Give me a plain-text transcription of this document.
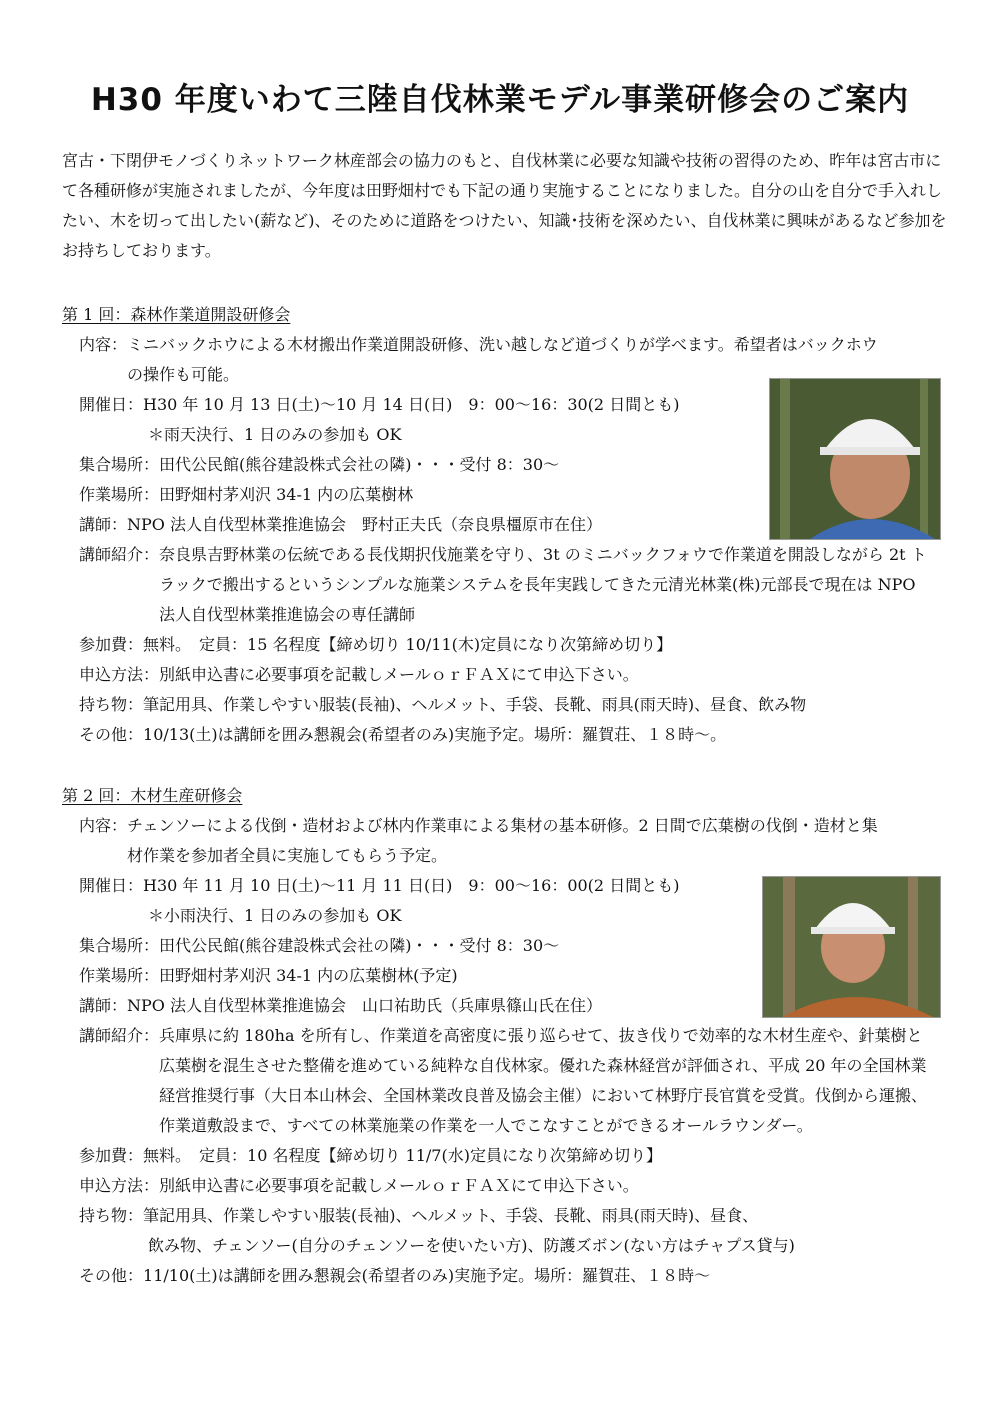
H30 年度いわて三陸自伐林業モデル事業研修会のご案内

宮古・下閉伊モノづくりネットワーク林産部会の協力のもと、自伐林業に必要な知識や技術の習得のため、昨年は宮古市にて各種研修が実施されましたが、今年度は田野畑村でも下記の通り実施することになりました。自分の山を自分で手入れしたい、木を切って出したい(薪など)、そのために道路をつけたい、知識･技術を深めたい、自伐林業に興味があるなど参加をお持ちしております。

第 1 回：森林作業道開設研修会

内容： ミニバックホウによる木材搬出作業道開設研修、洗い越しなど道づくりが学べます。希望者はバックホウの操作も可能。
開催日： H30 年 10 月 13 日(土)～10 月 14 日(日)　9：00～16：30(2 日間とも)
＊雨天決行、1 日のみの参加も OK
集合場所： 田代公民館(熊谷建設株式会社の隣)・・・受付 8：30～
作業場所： 田野畑村茅刈沢 34-1 内の広葉樹林
講師： NPO 法人自伐型林業推進協会　野村正夫氏（奈良県橿原市在住）
講師紹介： 奈良県吉野林業の伝統である長伐期択伐施業を守り、3t のミニバックフォウで作業道を開設しながら 2t トラックで搬出するというシンプルな施業システムを長年実践してきた元清光林業(株)元部長で現在は NPO 法人自伐型林業推進協会の専任講師
参加費： 無料。　定員：15 名程度【締め切り 10/11(木)定員になり次第締め切り】
申込方法： 別紙申込書に必要事項を記載しメールｏｒＦＡＸにて申込下さい。
持ち物： 筆記用具、作業しやすい服装(長袖)、ヘルメット、手袋、長靴、雨具(雨天時)、昼食、飲み物
その他： 10/13(土)は講師を囲み懇親会(希望者のみ)実施予定。場所：羅賀荘、１８時～。

第 2 回：木材生産研修会

内容： チェンソーによる伐倒・造材および林内作業車による集材の基本研修。2 日間で広葉樹の伐倒・造材と集材作業を参加者全員に実施してもらう予定。
開催日： H30 年 11 月 10 日(土)～11 月 11 日(日)　9：00～16：00(2 日間とも)
＊小雨決行、1 日のみの参加も OK
集合場所： 田代公民館(熊谷建設株式会社の隣)・・・受付 8：30～
作業場所： 田野畑村茅刈沢 34-1 内の広葉樹林(予定)
講師： NPO 法人自伐型林業推進協会　山口祐助氏（兵庫県篠山氏在住）
講師紹介： 兵庫県に約 180ha を所有し、作業道を高密度に張り巡らせて、抜き伐りで効率的な木材生産や、針葉樹と広葉樹を混生させた整備を進めている純粋な自伐林家。優れた森林経営が評価され、平成 20 年の全国林業経営推奨行事（大日本山林会、全国林業改良普及協会主催）において林野庁長官賞を受賞。伐倒から運搬、作業道敷設まで、すべての林業施業の作業を一人でこなすことができるオールラウンダー。
参加費： 無料。　定員：10 名程度【締め切り 11/7(水)定員になり次第締め切り】
申込方法： 別紙申込書に必要事項を記載しメールｏｒＦＡＸにて申込下さい。
持ち物： 筆記用具、作業しやすい服装(長袖)、ヘルメット、手袋、長靴、雨具(雨天時)、昼食、
飲み物、チェンソー(自分のチェンソーを使いたい方)、防護ズボン(ない方はチャプス貸与)
その他： 11/10(土)は講師を囲み懇親会(希望者のみ)実施予定。場所：羅賀荘、１８時～
